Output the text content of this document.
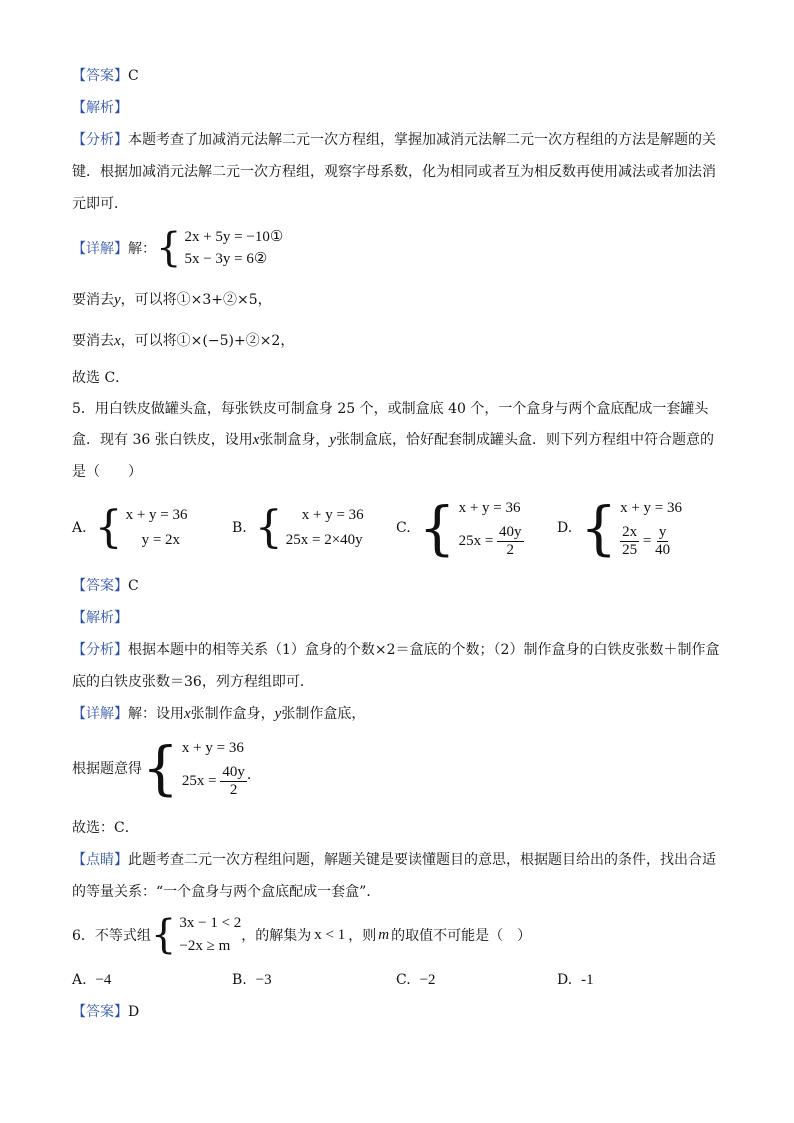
【答案】C
【解析】
【分析】本题考查了加减消元法解二元一次方程组，掌握加减消元法解二元一次方程组的方法是解题的关
键．根据加减消元法解二元一次方程组，观察字母系数，化为相同或者互为相反数再使用减法或者加法消
元即可．
【详解】 解： { 2x + 5y = −10①
5x − 3y = 6②
要消去y，可以将①×3+②×5，
要消去x，可以将①×(−5)+②×2，
故选 C．
5．用白铁皮做罐头盒，每张铁皮可制盒身 25 个，或制盒底 40 个，一个盒身与两个盒底配成一套罐头
盒．现有 36 张白铁皮，设用x张制盒身，y张制盒底，恰好配套制成罐头盒．则下列方程组中符合题意的
是（　　）
A. { x + y = 36
y = 2x
B. {	x + y = 36
25x = 2×40y
C. { x + y = 36
$25x = \frac{40y}{2} D$. { x + y = 36
$\frac{2x}{25} = \frac{y}{40}$
【答案】C
【解析】
【分析】根据本题中的相等关系（1）盒身的个数×2＝盒底的个数；（2）制作盒身的白铁皮张数＋制作盒
底的白铁皮张数＝36，列方程组即可．
【详解】解：设用x张制作盒身，y张制作盒底，
根据题意得 { x + y = 36
$25x = \frac{40y}{2}$ ．
故选：C．
【点睛】此题考查二元一次方程组问题，解题关键是要读懂题目的意思，根据题目给出的条件，找出合适
的等量关系：“一个盒身与两个盒底配成一套盒”．
6．不等式组 { 3x − 1 < 2
−2x ≥ m
，的解集为 x < 1 ，则 m 的取值不可能是（　）
A. −4	B. −3	C. −2	D. -1
【答案】D
